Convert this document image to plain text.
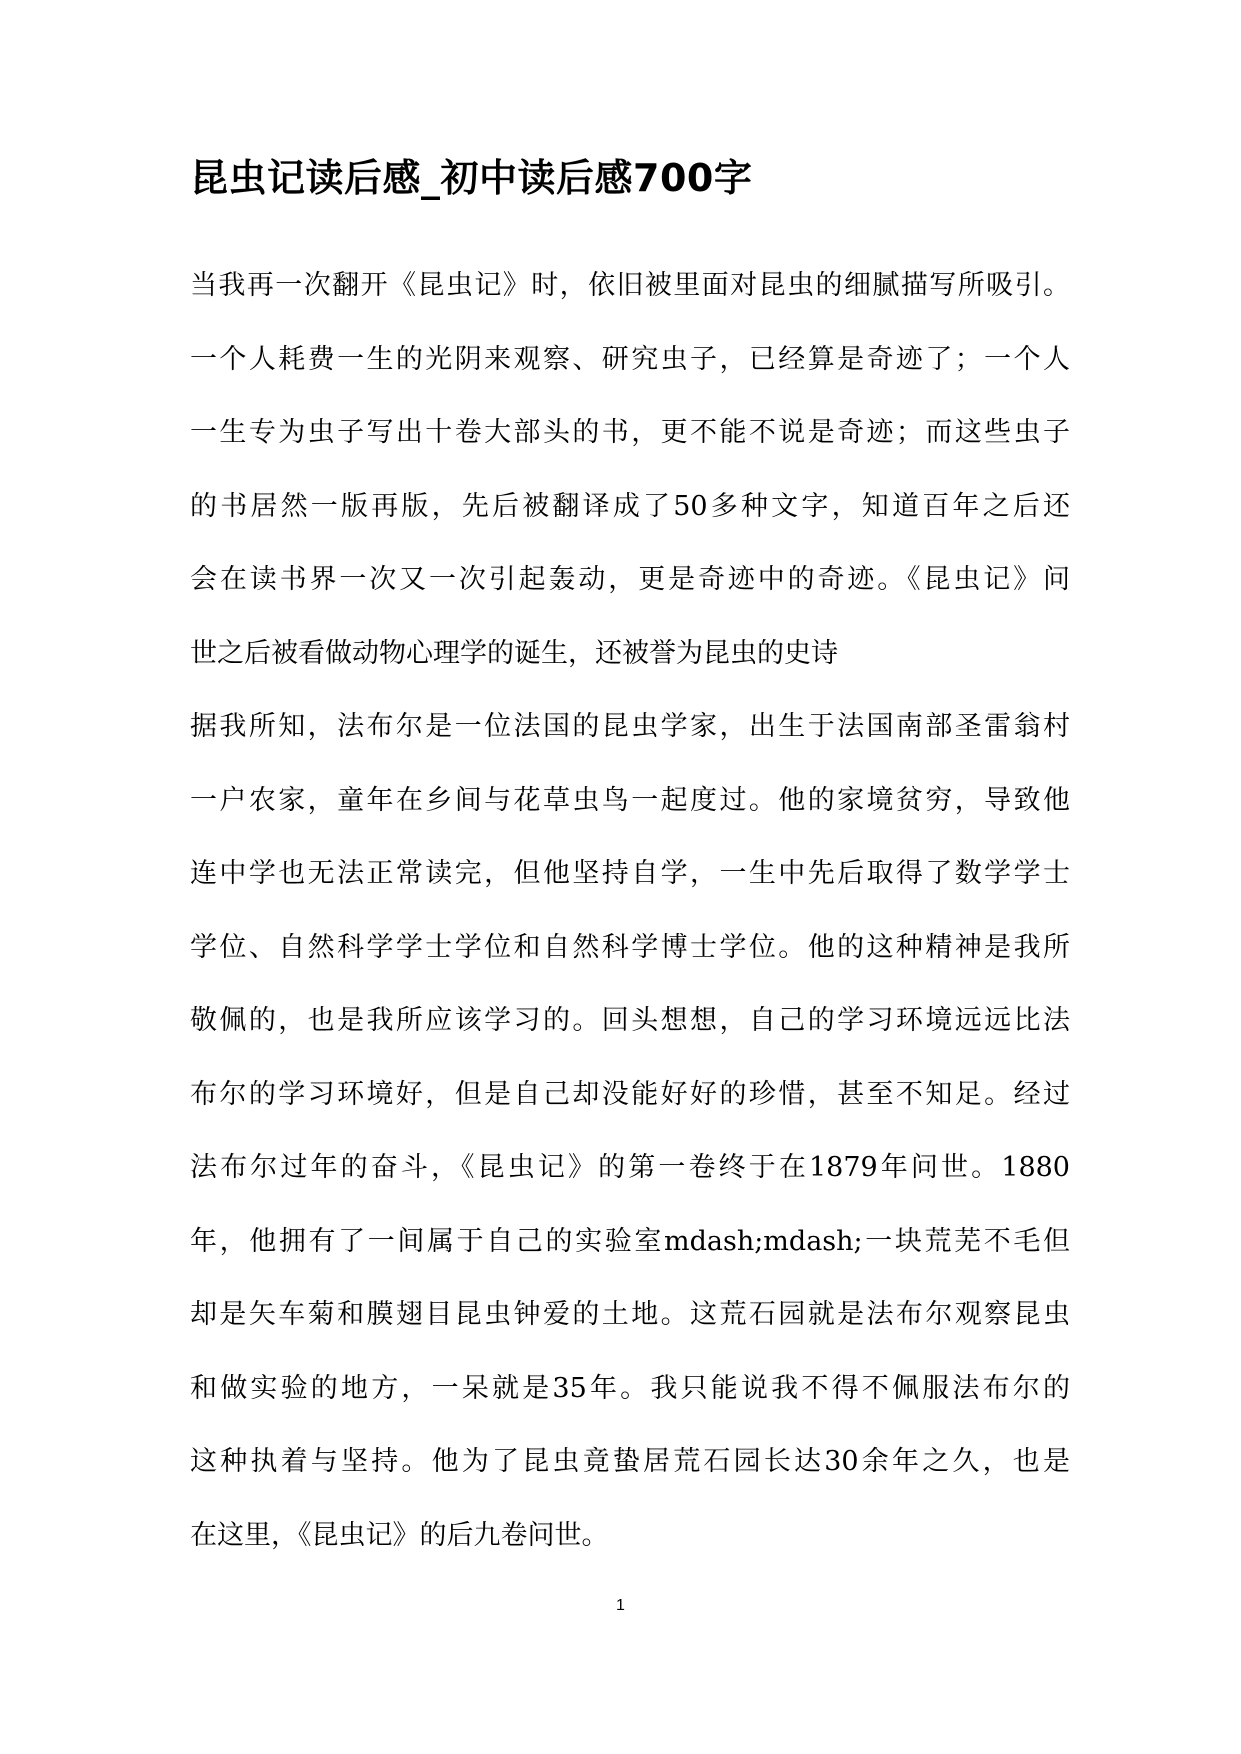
昆虫记读后感_初中读后感700字
当我再一次翻开《昆虫记》时，依旧被里面对昆虫的细腻描写所吸引。
一个人耗费一生的光阴来观察、研究虫子，已经算是奇迹了；一个人
一生专为虫子写出十卷大部头的书，更不能不说是奇迹；而这些虫子
的书居然一版再版，先后被翻译成了50多种文字，知道百年之后还
会在读书界一次又一次引起轰动，更是奇迹中的奇迹。《昆虫记》问
世之后被看做动物心理学的诞生，还被誉为昆虫的史诗
据我所知，法布尔是一位法国的昆虫学家，出生于法国南部圣雷翁村
一户农家，童年在乡间与花草虫鸟一起度过。他的家境贫穷，导致他
连中学也无法正常读完，但他坚持自学，一生中先后取得了数学学士
学位、自然科学学士学位和自然科学博士学位。他的这种精神是我所
敬佩的，也是我所应该学习的。回头想想，自己的学习环境远远比法
布尔的学习环境好，但是自己却没能好好的珍惜，甚至不知足。经过
法布尔过年的奋斗，《昆虫记》的第一卷终于在1879年问世。1880
年，他拥有了一间属于自己的实验室mdash;mdash;一块荒芜不毛但
却是矢车菊和膜翅目昆虫钟爱的土地。这荒石园就是法布尔观察昆虫
和做实验的地方，一呆就是35年。我只能说我不得不佩服法布尔的
这种执着与坚持。他为了昆虫竟蛰居荒石园长达30余年之久，也是
在这里，《昆虫记》的后九卷问世。
1
